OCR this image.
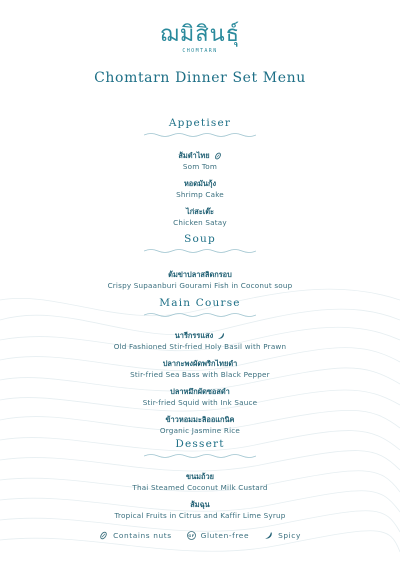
ฌมิสินธุ์
CHOMTARN
Chomtarn Dinner Set Menu
Appetiser
ส้มตำไทย
Som Tom
หอดมันกุ้ง
Shrimp Cake
ไก่สะเต๊ะ
Chicken Satay
Soup
ต้มข่าปลาสลิดกรอบ
Crispy Supaanburi Gourami Fish in Coconut soup
Main Course
นารีกรรแสง
Old Fashioned Stir-fried Holy Basil with Prawn
ปลากะพงผัดพริกไทยดำ
Stir-fried Sea Bass with Black Pepper
ปลาหมึกผัดซอสดำ
Stir-fried Squid with Ink Sauce
ข้าวหอมมะลิออแกนิค
Organic Jasmine Rice
Dessert
ขนมถ้วย
Thai Steamed Coconut Milk Custard
ส้มฉุน
Tropical Fruits in Citrus and Kaffir Lime Syrup
Contains nuts
	GF Gluten-free
	Spicy
